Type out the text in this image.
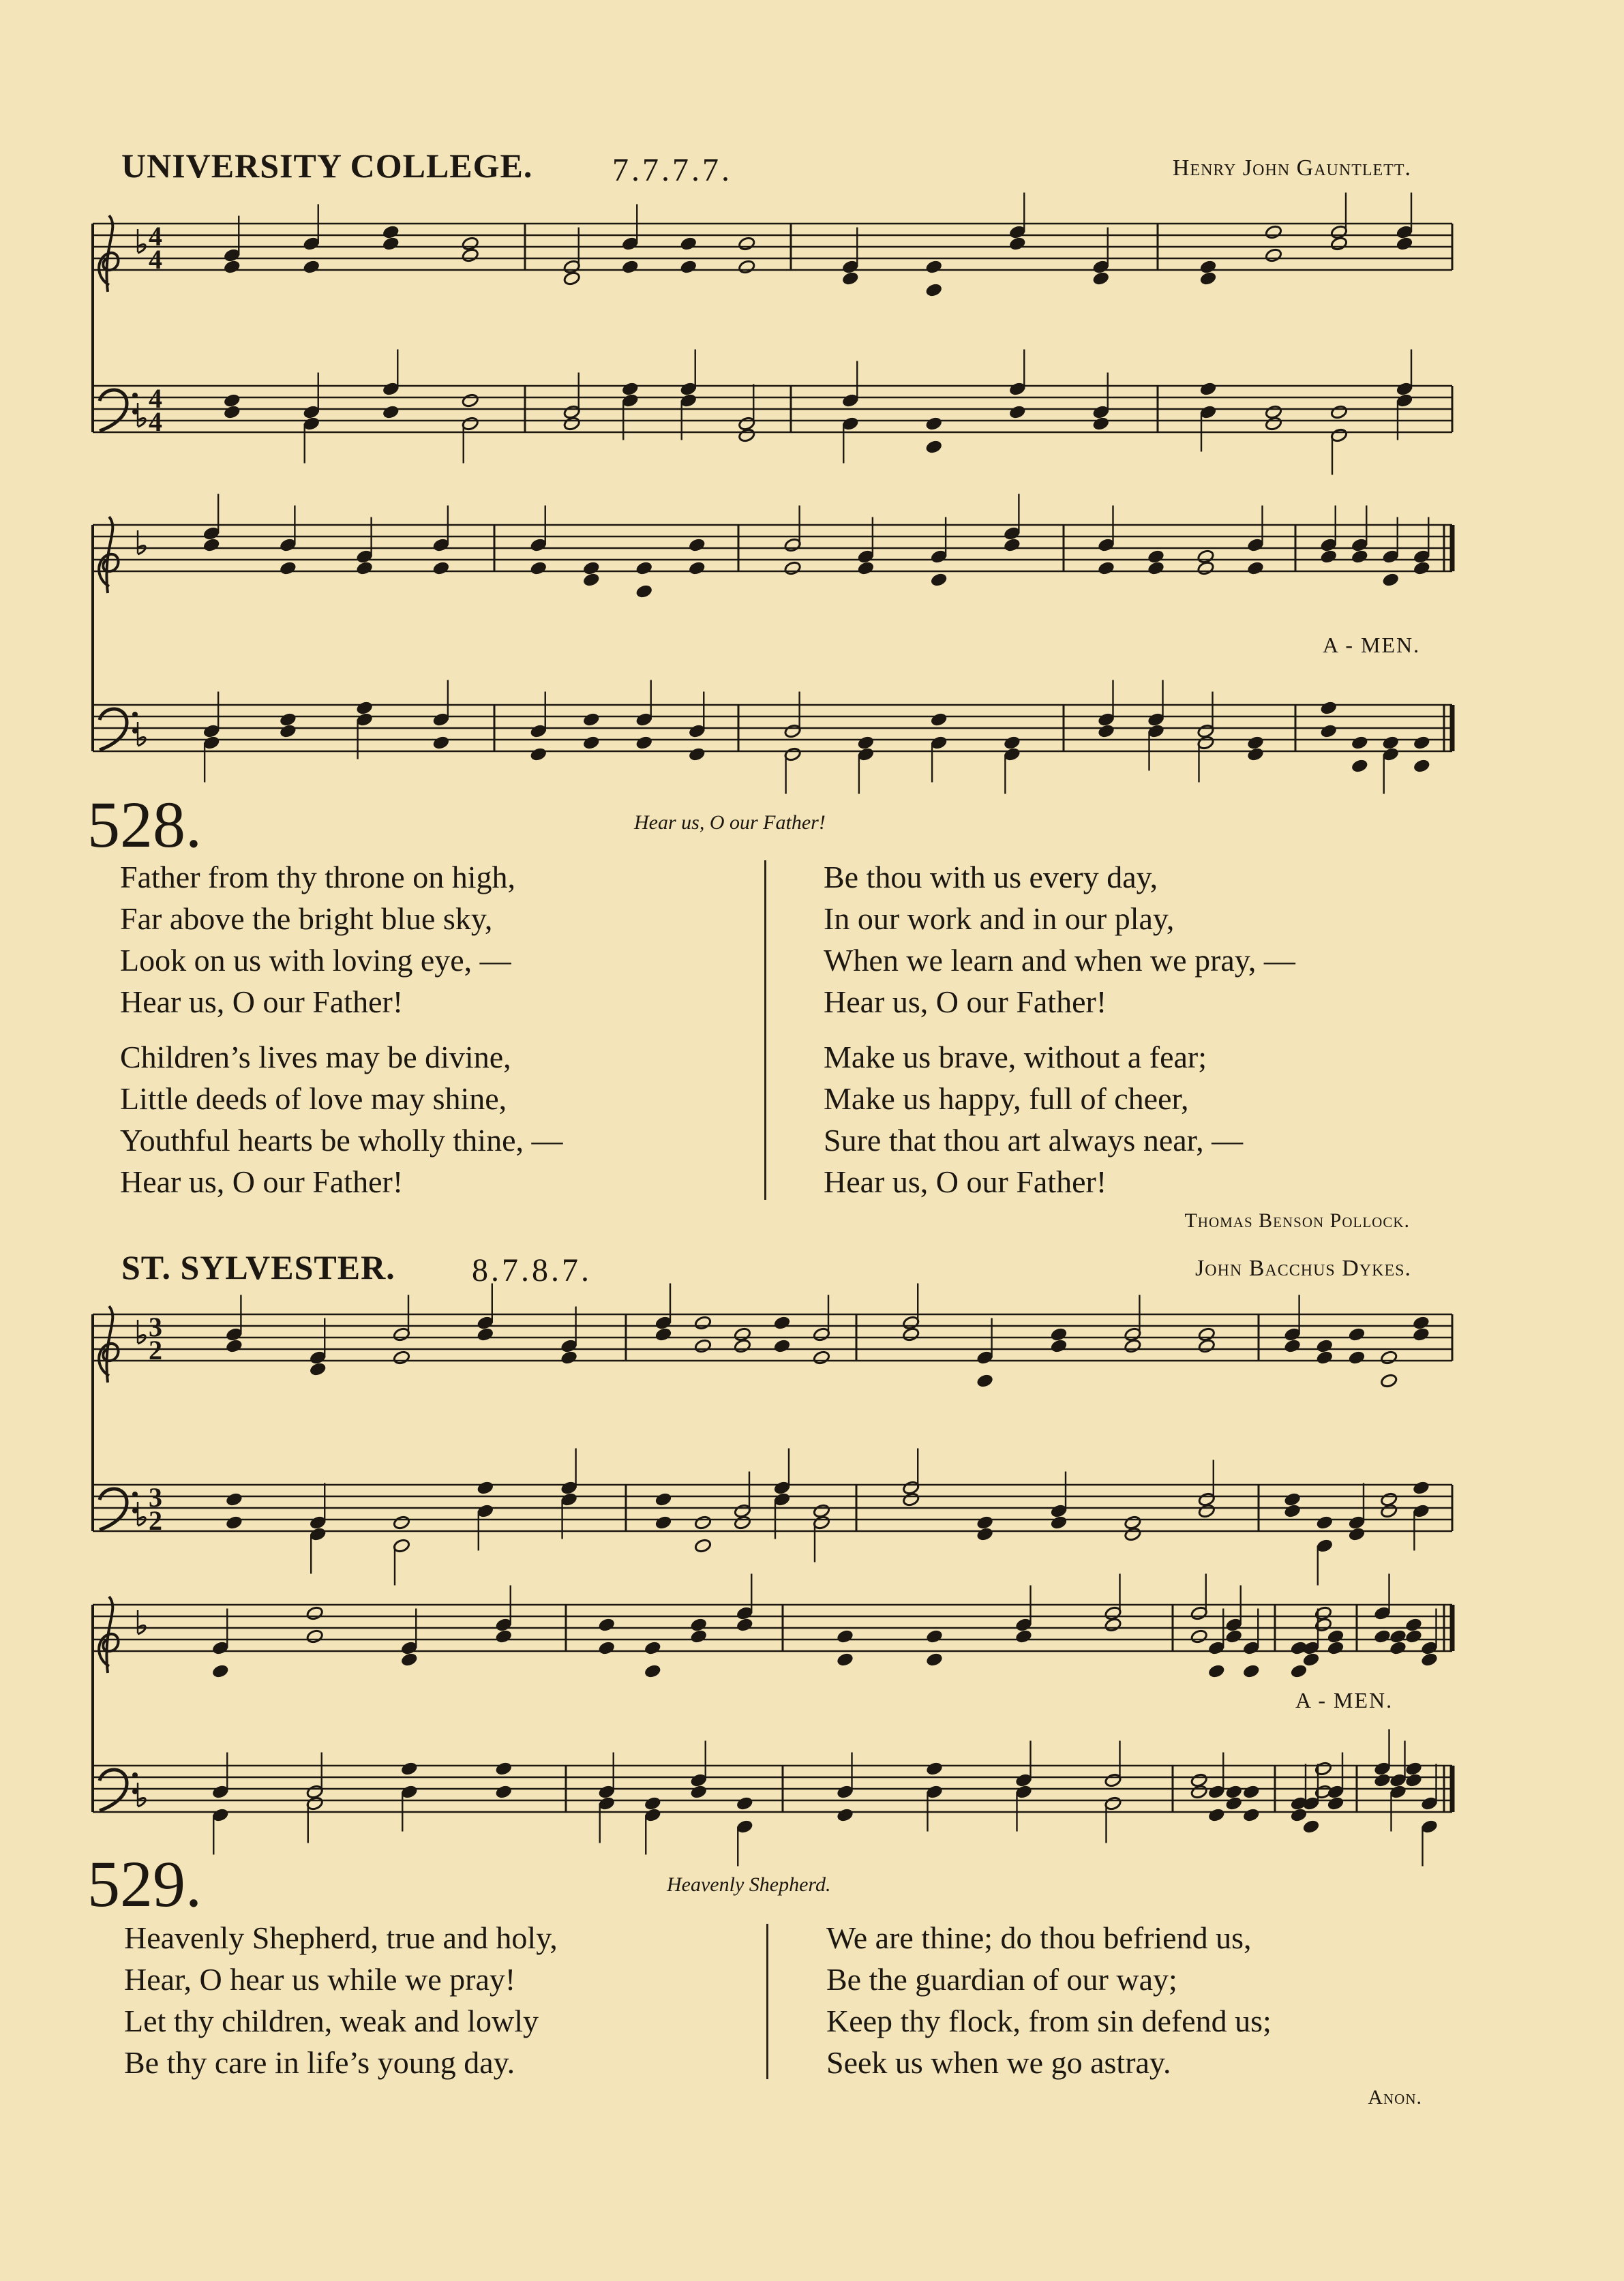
UNIVERSITY COLLEGE. 7.7.7.7.	Henry John Gauntlett.
4
4
4
4
3
2
3
2
A - MEN.
528.	Hear us, O our Father!
Father from thy throne on high,
Far above the bright blue sky,
Look on us with loving eye, —
Hear us, O our Father!
Children’s lives may be divine,
Little deeds of love may shine,
Youthful hearts be wholly thine, —
Hear us, O our Father!
Be thou with us every day,
In our work and in our play,
When we learn and when we pray, —
Hear us, O our Father!
Make us brave, without a fear;
Make us happy, full of cheer,
Sure that thou art always near, —
Hear us, O our Father!
Thomas Benson Pollock.
ST. SYLVESTER. 8.7.8.7.	John Bacchus Dykes.
A - MEN.
529.	Heavenly Shepherd.
Heavenly Shepherd, true and holy,
Hear, O hear us while we pray!
Let thy children, weak and lowly
Be thy care in life’s young day.
We are thine; do thou befriend us,
Be the guardian of our way;
Keep thy flock, from sin defend us;
Seek us when we go astray.
Anon.
